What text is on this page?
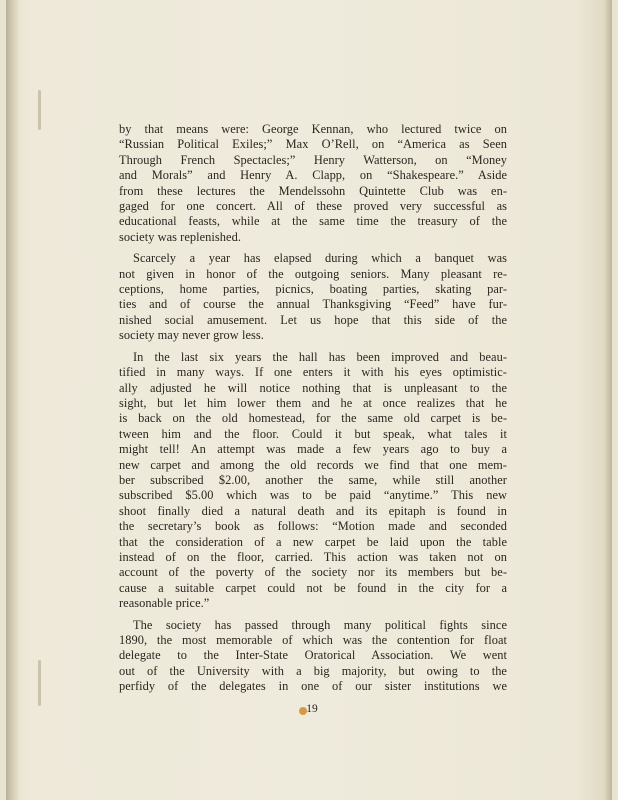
by that means were: George Kennan, who lectured twice on
“Russian Political Exiles;” Max O’Rell, on “America as Seen
Through French Spectacles;” Henry Watterson, on “Money
and Morals” and Henry A. Clapp, on “Shakespeare.” Aside
from these lectures the Mendelssohn Quintette Club was en-
gaged for one concert. All of these proved very successful as
educational feasts, while at the same time the treasury of the
society was replenished.
Scarcely a year has elapsed during which a banquet was
not given in honor of the outgoing seniors. Many pleasant re-
ceptions, home parties, picnics, boating parties, skating par-
ties and of course the annual Thanksgiving “Feed” have fur-
nished social amusement. Let us hope that this side of the
society may never grow less.
In the last six years the hall has been improved and beau-
tified in many ways. If one enters it with his eyes optimistic-
ally adjusted he will notice nothing that is unpleasant to the
sight, but let him lower them and he at once realizes that he
is back on the old homestead, for the same old carpet is be-
tween him and the floor. Could it but speak, what tales it
might tell! An attempt was made a few years ago to buy a
new carpet and among the old records we find that one mem-
ber subscribed $2.00, another the same, while still another
subscribed $5.00 which was to be paid “anytime.” This new
shoot finally died a natural death and its epitaph is found in
the secretary’s book as follows: “Motion made and seconded
that the consideration of a new carpet be laid upon the table
instead of on the floor, carried. This action was taken not on
account of the poverty of the society nor its members but be-
cause a suitable carpet could not be found in the city for a
reasonable price.”
The society has passed through many political fights since
1890, the most memorable of which was the contention for float
delegate to the Inter-State Oratorical Association. We went
out of the University with a big majority, but owing to the
perfidy of the delegates in one of our sister institutions we
19
